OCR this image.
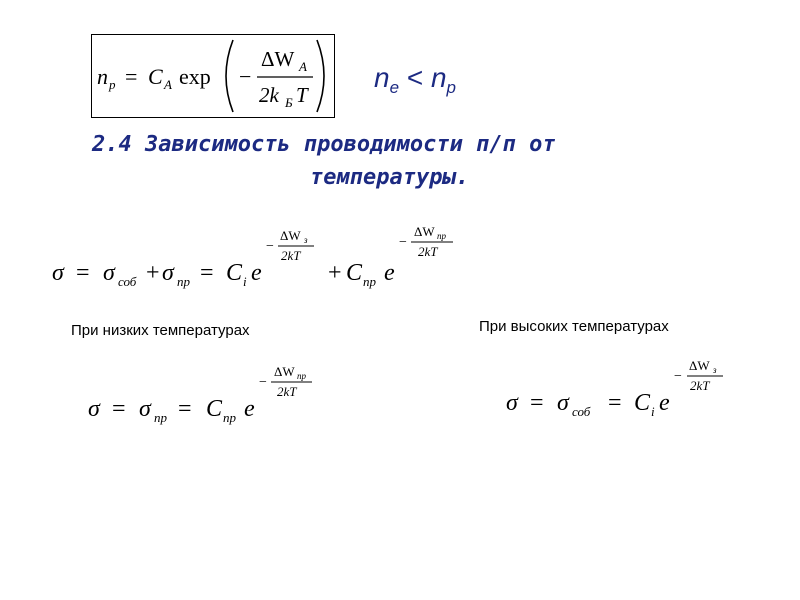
n p = C A exp −
ΔW A
2k Б T
$n_e < n_p$
2.4 Зависимость проводимости п/п от
температуры.
σ = σ соб + σ пр = C i e
−
ΔW з
2kT
+ C пр e
−
ΔW пр
2kT
При низких температурах	При высоких температурах
σ = σ пр = C пр e
−
ΔW пр
2kT	σ = σ соб = C i e
−
ΔW з
2kT
